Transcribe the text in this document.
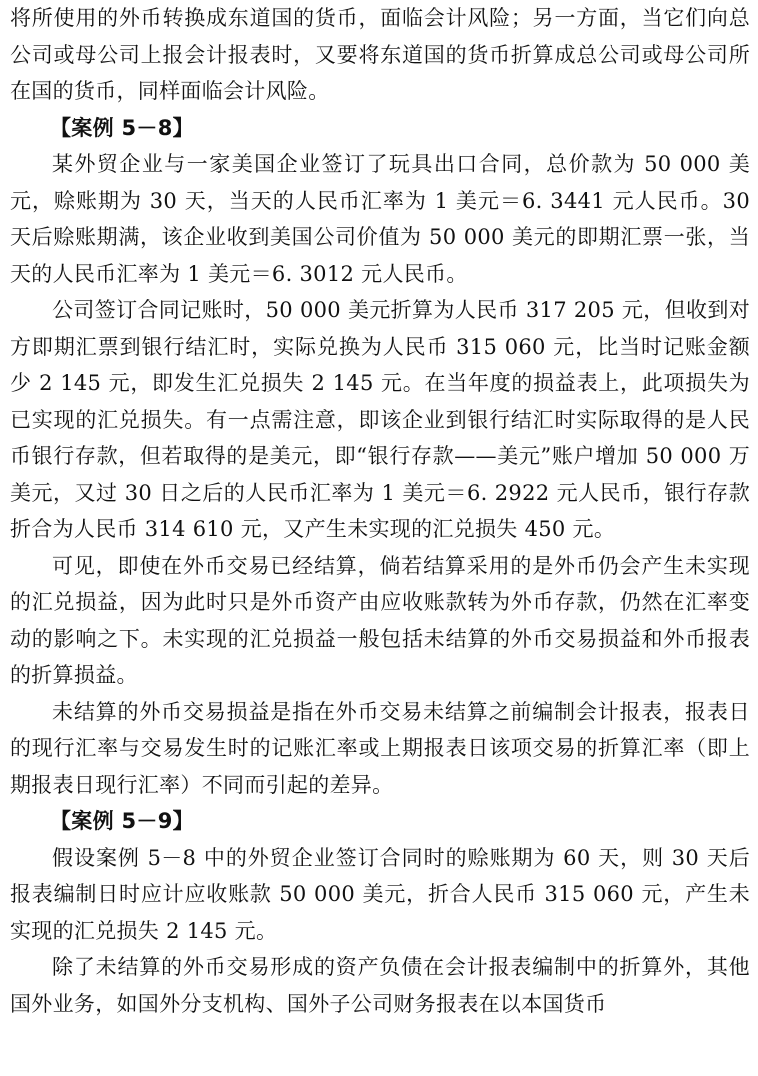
将所使用的外币转换成东道国的货币，面临会计风险；另一方面，当它们向总公司或母公司上报会计报表时，又要将东道国的货币折算成总公司或母公司所在国的货币，同样面临会计风险。

【案例 5－8】

某外贸企业与一家美国企业签订了玩具出口合同，总价款为 50 000 美元，赊账期为 30 天，当天的人民币汇率为 1 美元＝6. 3441 元人民币。30 天后赊账期满，该企业收到美国公司价值为 50 000 美元的即期汇票一张，当天的人民币汇率为 1 美元＝6. 3012 元人民币。

公司签订合同记账时，50 000 美元折算为人民币 317 205 元，但收到对方即期汇票到银行结汇时，实际兑换为人民币 315 060 元，比当时记账金额少 2 145 元，即发生汇兑损失 2 145 元。在当年度的损益表上，此项损失为已实现的汇兑损失。有一点需注意，即该企业到银行结汇时实际取得的是人民币银行存款，但若取得的是美元，即“银行存款——美元”账户增加 50 000 万美元，又过 30 日之后的人民币汇率为 1 美元＝6. 2922 元人民币，银行存款折合为人民币 314 610 元，又产生未实现的汇兑损失 450 元。

可见，即使在外币交易已经结算，倘若结算采用的是外币仍会产生未实现的汇兑损益，因为此时只是外币资产由应收账款转为外币存款，仍然在汇率变动的影响之下。未实现的汇兑损益一般包括未结算的外币交易损益和外币报表的折算损益。

未结算的外币交易损益是指在外币交易未结算之前编制会计报表，报表日的现行汇率与交易发生时的记账汇率或上期报表日该项交易的折算汇率（即上期报表日现行汇率）不同而引起的差异。

【案例 5－9】

假设案例 5－8 中的外贸企业签订合同时的赊账期为 60 天，则 30 天后报表编制日时应计应收账款 50 000 美元，折合人民币 315 060 元，产生未实现的汇兑损失 2 145 元。

除了未结算的外币交易形成的资产负债在会计报表编制中的折算外，其他国外业务，如国外分支机构、国外子公司财务报表在以本国货币
